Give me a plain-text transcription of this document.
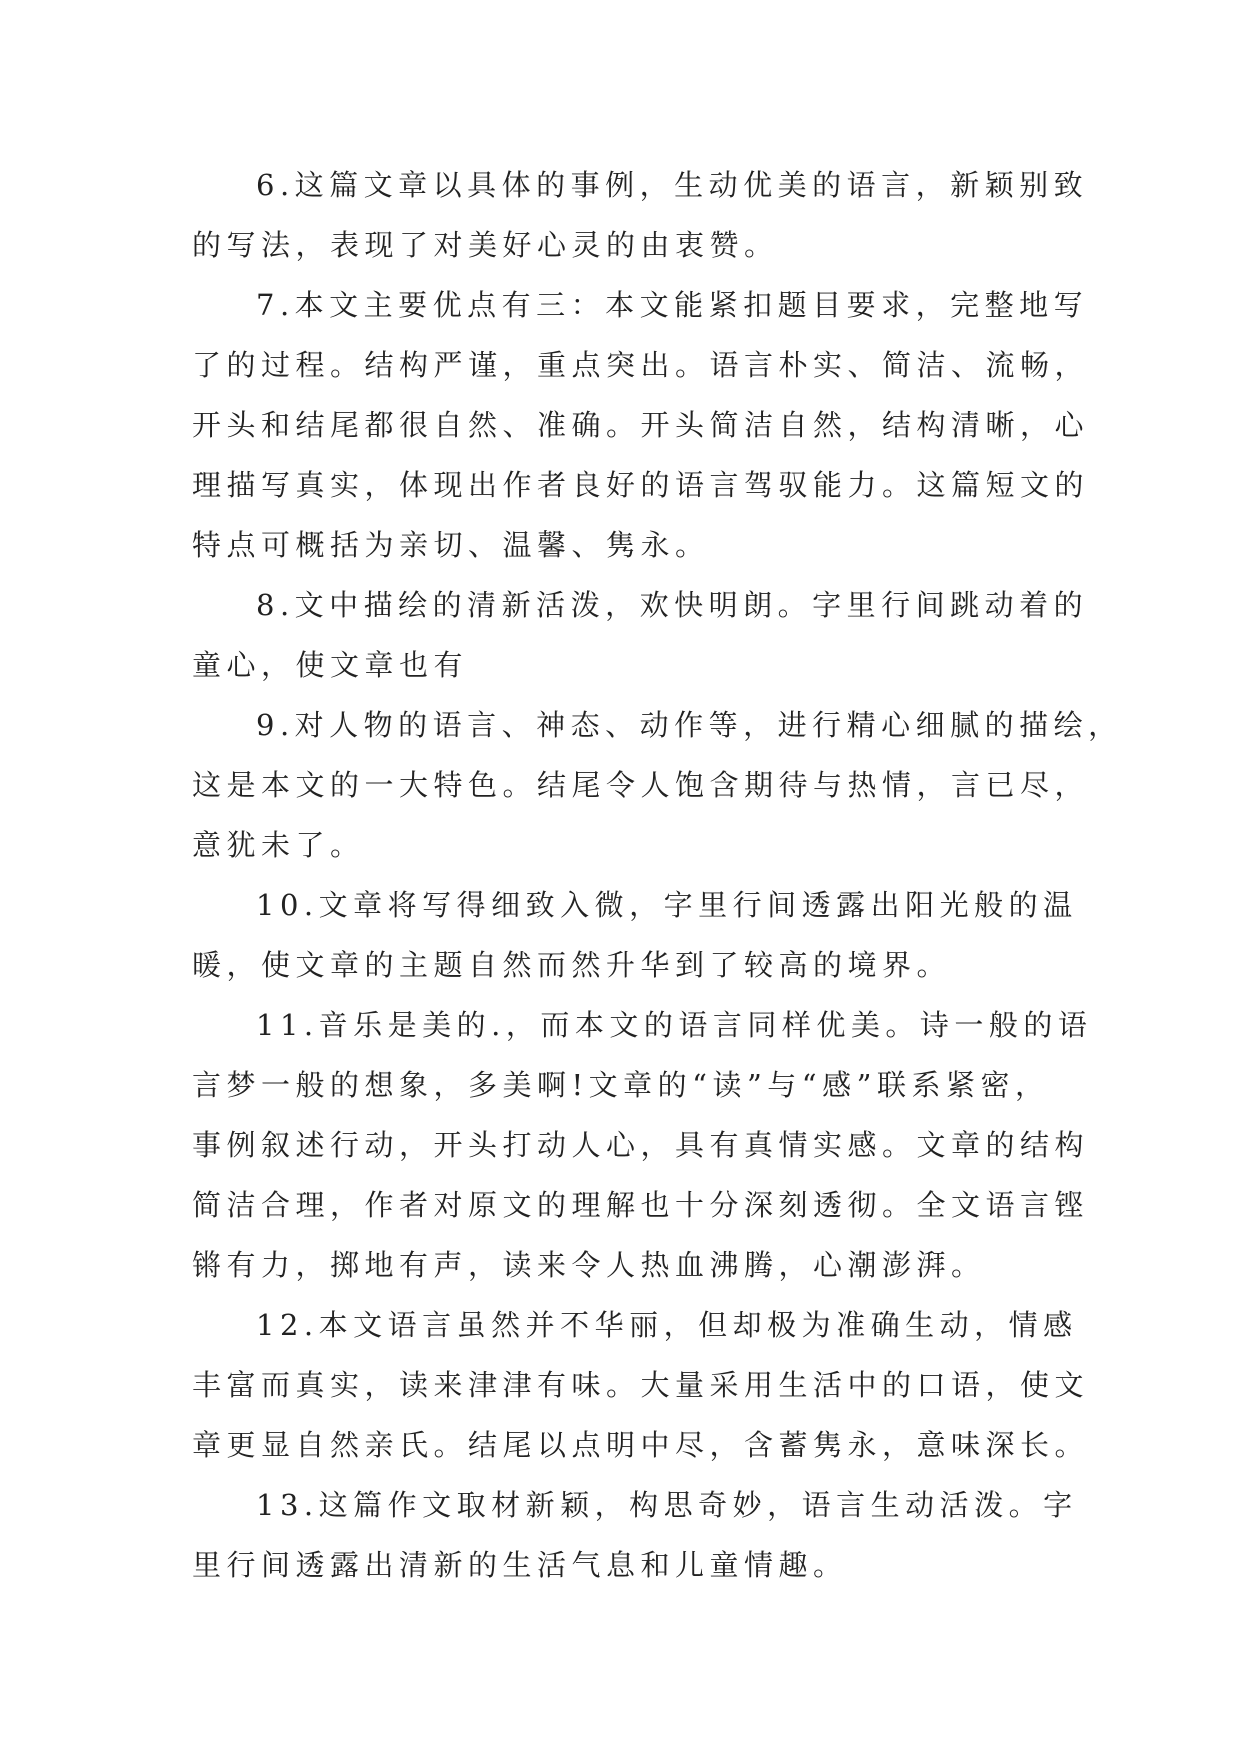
6.这篇文章以具体的事例，生动优美的语言，新颖别致
的写法，表现了对美好心灵的由衷赞。
7.本文主要优点有三：本文能紧扣题目要求，完整地写
了的过程。结构严谨，重点突出。语言朴实、简洁、流畅，
开头和结尾都很自然、准确。开头简洁自然，结构清晰，心
理描写真实，体现出作者良好的语言驾驭能力。这篇短文的
特点可概括为亲切、温馨、隽永。
8.文中描绘的清新活泼，欢快明朗。字里行间跳动着的
童心，使文章也有
9.对人物的语言、神态、动作等，进行精心细腻的描绘，
这是本文的一大特色。结尾令人饱含期待与热情，言已尽，
意犹未了。
10.文章将写得细致入微，字里行间透露出阳光般的温
暖，使文章的主题自然而然升华到了较高的境界。
11.音乐是美的.，而本文的语言同样优美。诗一般的语
言梦一般的想象，多美啊!文章的“读”与“感”联系紧密，
事例叙述行动，开头打动人心，具有真情实感。文章的结构
简洁合理，作者对原文的理解也十分深刻透彻。全文语言铿
锵有力，掷地有声，读来令人热血沸腾，心潮澎湃。
12.本文语言虽然并不华丽，但却极为准确生动，情感
丰富而真实，读来津津有味。大量采用生活中的口语，使文
章更显自然亲氏。结尾以点明中尽，含蓄隽永，意味深长。
13.这篇作文取材新颖，构思奇妙，语言生动活泼。字
里行间透露出清新的生活气息和儿童情趣。
